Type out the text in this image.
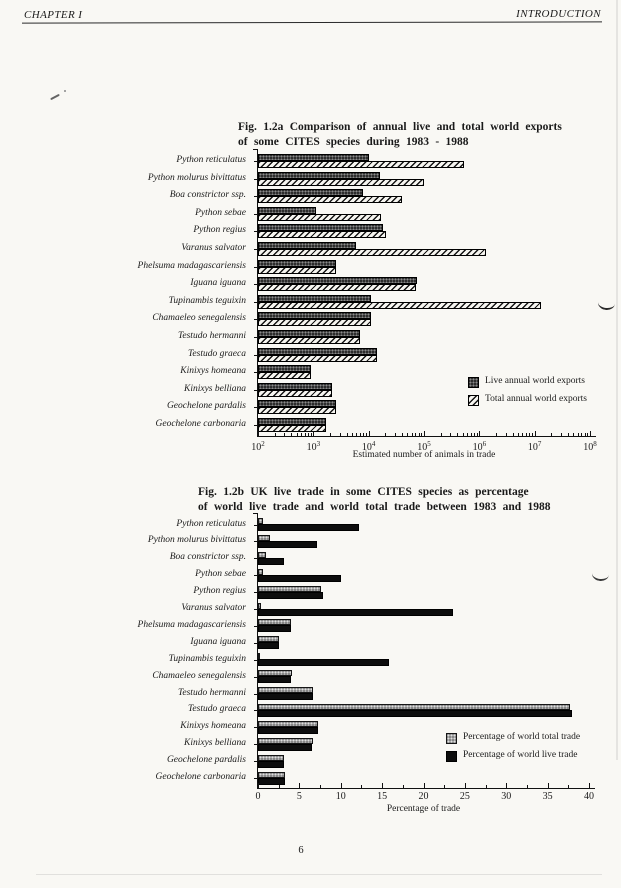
CHAPTER I	INTRODUCTION
Fig. 1.2a Comparison of annual live and total world exports
of some CITES species during 1983 - 1988
Fig. 1.2b UK live trade in some CITES species as percentage
of world live trade and world total trade between 1983 and 1988
Python reticulatus
Python molurus bivittatus
Boa constrictor ssp.
Python sebae
Python regius
Varanus salvator
Phelsuma madagascariensis
Iguana iguana
Tupinambis teguixin
Chamaeleo senegalensis
Testudo hermanni
Testudo graeca
Kinixys homeana
Kinixys belliana
Geochelone pardalis
Geochelone carbonaria
$10^2$	$10^3$	$10^4$	$10^5$	$10^6$	$10^7$	$10^8$
Estimated number of animals in trade
Live annual world exports
Total annual world exports
Python reticulatus
Python molurus bivittatus
Boa constrictor ssp.
Python sebae
Python regius
Varanus salvator
Phelsuma madagascariensis
Iguana iguana
Tupinambis teguixin
Chamaeleo senegalensis
Testudo hermanni
Testudo graeca
Kinixys homeana
Kinixys belliana
Geochelone pardalis
Geochelone carbonaria
0	5	10	15	20	25	30	35	40
Percentage of trade
Percentage of world total trade
Percentage of world live trade
6
